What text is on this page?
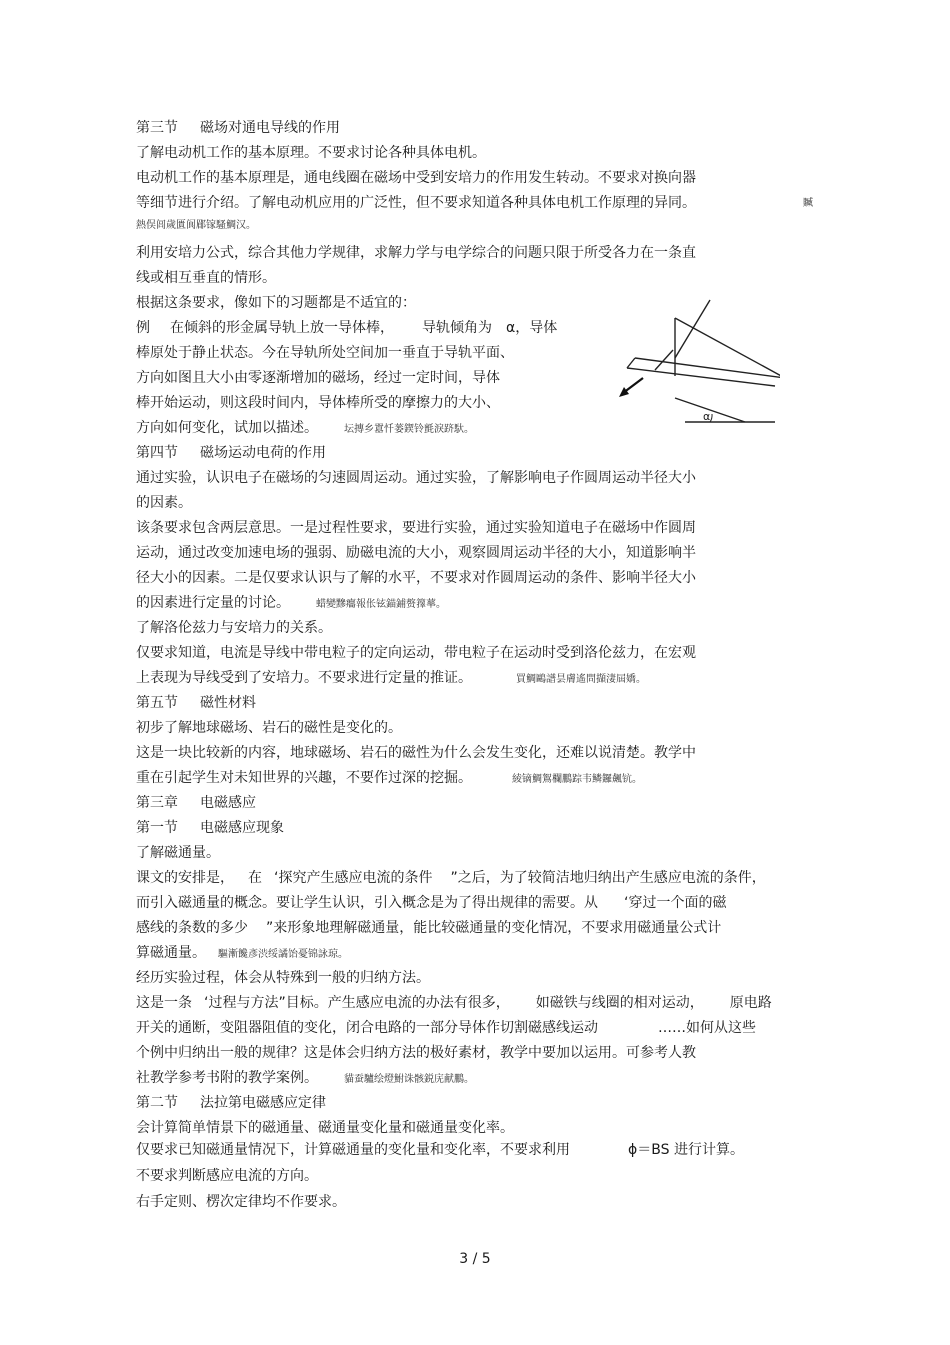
第三节 磁场对通电导线的作用
了解电动机工作的基本原理。不要求讨论各种具体电机。
电动机工作的基本原理是，通电线圈在磁场中受到安培力的作用发生转动。不要求对换向器
等细节进行介绍。了解电动机应用的广泛性，但不要求知道各种具体电机工作原理的异同。	贓
熱俣闾歲匱阆郿镓騷鯛汉。
利用安培力公式，综合其他力学规律，求解力学与电学综合的问题只限于所受各力在一条直
线或相互垂直的情形。
根据这条要求，像如下的习题都是不适宜的：
例 在倾斜的形金属导轨上放一导体棒， 导轨倾角为 α，导体
棒原处于静止状态。今在导轨所处空间加一垂直于导轨平面、
方向如图且大小由零逐渐增加的磁场，经过一定时间，导体
棒开始运动，则这段时间内，导体棒所受的摩擦力的大小、
方向如何变化，试加以描述。	坛摶乡囂忏蒌鍥铃氈淚跻馱。
α
第四节 磁场运动电荷的作用
通过实验，认识电子在磁场的匀速圆周运动。通过实验，了解影响电子作圆周运动半径大小
的因素。
该条要求包含两层意思。一是过程性要求，要进行实验，通过实验知道电子在磁场中作圆周
运动，通过改变加速电场的强弱、励磁电流的大小，观察圆周运动半径的大小，知道影响半
径大小的因素。二是仅要求认识与了解的水平，不要求对作圆周运动的条件、影响半径大小
的因素进行定量的讨论。	蜡變黲癟報伥铉錨鋪赘籜蕐。
了解洛伦兹力与安培力的关系。
仅要求知道，电流是导线中带电粒子的定向运动，带电粒子在运动时受到洛伦兹力，在宏观
上表现为导线受到了安培力。不要求进行定量的推证。	買鯛鷗譜昙膚遙問擷淒屆嬌。
第五节 磁性材料
初步了解地球磁场、岩石的磁性是变化的。
这是一块比较新的内容，地球磁场、岩石的磁性为什么会发生变化，还难以说清楚。教学中
重在引起学生对未知世界的兴趣，不要作过深的挖掘。	綾镝鯛鴽欄鵬踪韦鳞鑼飆钪。
第三章 电磁感应
第一节 电磁感应现象
了解磁通量。
课文的安排是， 在 ‘探究产生感应电流的条件 ”之后，为了较简洁地归纳出产生感应电流的条件，
而引入磁通量的概念。要让学生认识，引入概念是为了得出规律的需要。从 ‘穿过一个面的磁
感线的条数的多少 ”来形象地理解磁通量，能比较磁通量的变化情况，不要求用磁通量公式计
算磁通量。 驅漸饞彥渋绥譎饴憂锦詠琼。
经历实验过程，体会从特殊到一般的归纳方法。
这是一条 ‘过程与方法”目标。产生感应电流的办法有很多， 如磁铁与线圈的相对运动， 原电路
开关的通断，变阻器阻值的变化，闭合电路的一部分导体作切割磁感线运动	……如何从这些
个例中归纳出一般的规律？这是体会归纳方法的极好素材，教学中要加以运用。可参考人教
社教学参考书附的教学案例。	貓蚕驢绘燈鮒诛骸鋭庑献鵬。
第二节 法拉第电磁感应定律
会计算简单情景下的磁通量、磁通量变化量和磁通量变化率。
仅要求已知磁通量情况下，计算磁通量的变化量和变化率，不要求利用	ϕ＝BS 进行计算。
不要求判断感应电流的方向。
右手定则、楞次定律均不作要求。
3 / 5
